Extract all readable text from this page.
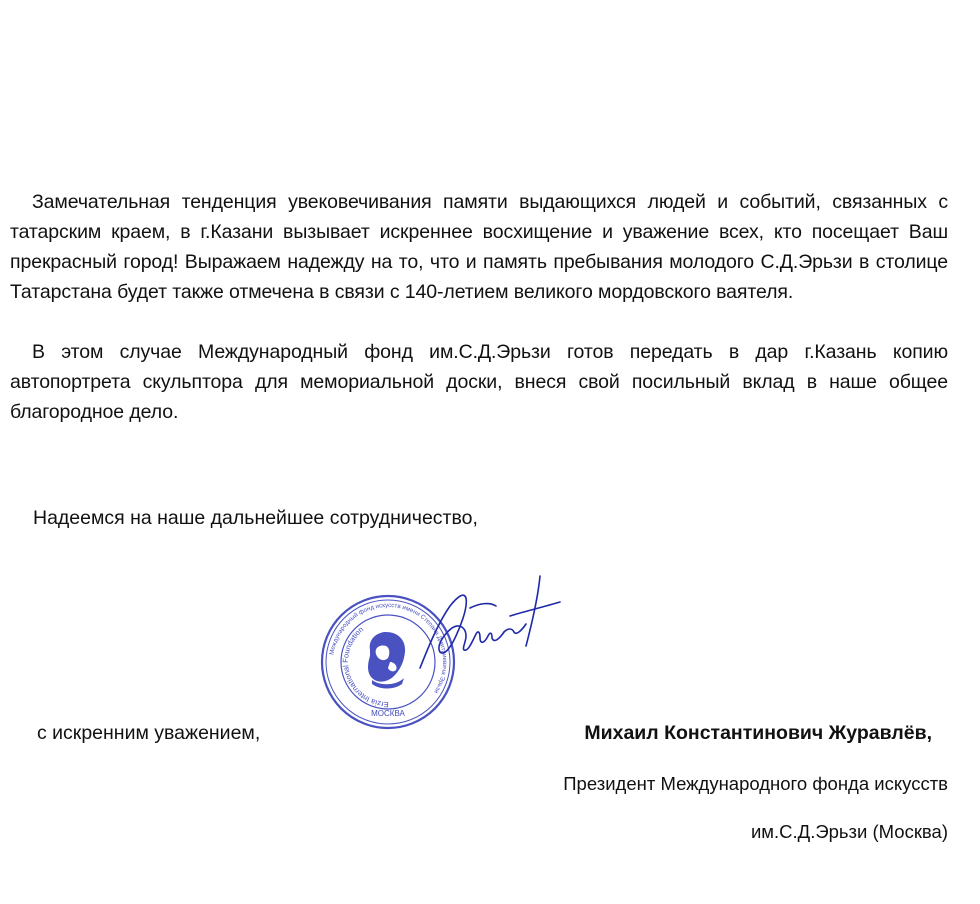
Замечательная тенденция увековечивания памяти выдающихся людей и событий, связанных с татарским краем, в г.Казани вызывает искреннее восхищение и уважение всех, кто посещает Ваш прекрасный город! Выражаем надежду на то, что и память пребывания молодого С.Д.Эрьзи в столице Татарстана будет также отмечена в связи с 140-летием великого мордовского ваятеля.

В этом случае Международный фонд им.С.Д.Эрьзи готов передать в дар г.Казань копию автопортрета скульптора для мемориальной доски, внеся свой посильный вклад в наше общее благородное дело.

Надеемся на наше дальнейшее сотрудничество,
с искренним уважением,	Михаил Константинович Журавлёв,
Президент Международного фонда искусств
им.С.Д.Эрьзи (Москва)
Международный фонд искусств имени Степана Дмитриевича Эрьзи
Erzia International Foundation
МОСКВА
